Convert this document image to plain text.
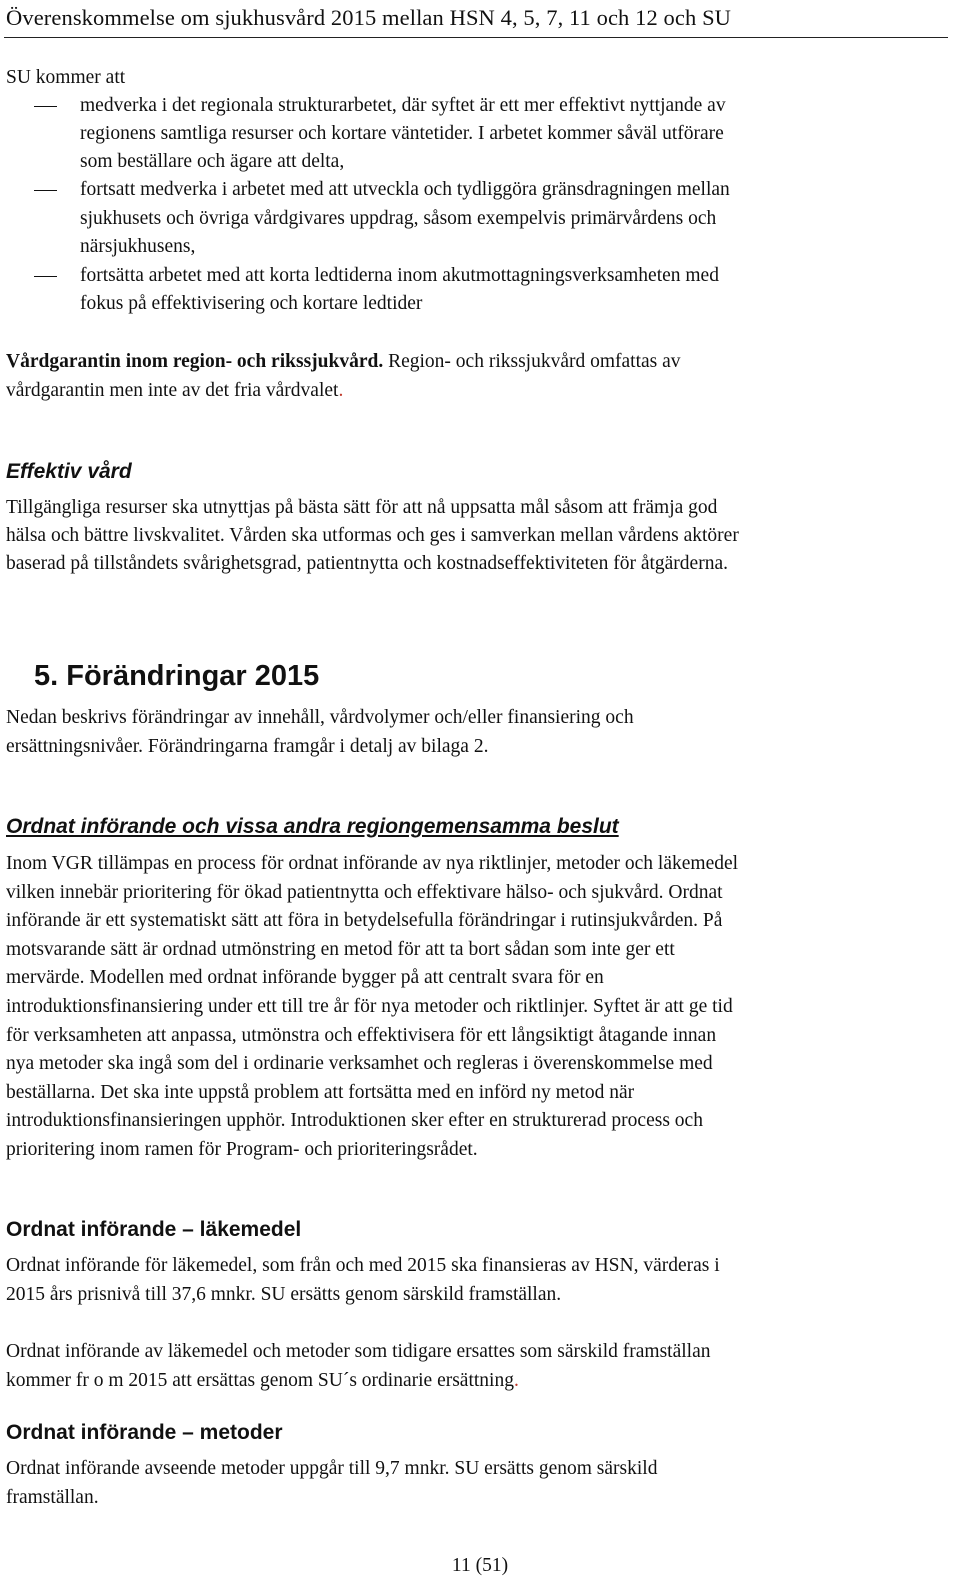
Överenskommelse om sjukhusvård 2015 mellan HSN 4, 5, 7, 11 och 12 och SU

SU kommer att

medverka i det regionala strukturarbetet, där syftet är ett mer effektivt nyttjande av

regionens samtliga resurser och kortare väntetider. I arbetet kommer såväl utförare

som beställare och ägare att delta,

fortsatt medverka i arbetet med att utveckla och tydliggöra gränsdragningen mellan

sjukhusets och övriga vårdgivares uppdrag, såsom exempelvis primärvårdens och

närsjukhusens,

fortsätta arbetet med att korta ledtiderna inom akutmottagningsverksamheten med

fokus på effektivisering och kortare ledtider

Vårdgarantin inom region- och rikssjukvård. Region- och rikssjukvård omfattas av

vårdgarantin men inte av det fria vårdvalet.

Effektiv vård

Tillgängliga resurser ska utnyttjas på bästa sätt för att nå uppsatta mål såsom att främja god

hälsa och bättre livskvalitet. Vården ska utformas och ges i samverkan mellan vårdens aktörer

baserad på tillståndets svårighetsgrad, patientnytta och kostnadseffektiviteten för åtgärderna.

5. Förändringar 2015

Nedan beskrivs förändringar av innehåll, vårdvolymer och/eller finansiering och

ersättningsnivåer. Förändringarna framgår i detalj av bilaga 2.

Ordnat införande och vissa andra regiongemensamma beslut

Inom VGR tillämpas en process för ordnat införande av nya riktlinjer, metoder och läkemedel

vilken innebär prioritering för ökad patientnytta och effektivare hälso- och sjukvård. Ordnat

införande är ett systematiskt sätt att föra in betydelsefulla förändringar i rutinsjukvården. På

motsvarande sätt är ordnad utmönstring en metod för att ta bort sådan som inte ger ett

mervärde. Modellen med ordnat införande bygger på att centralt svara för en

introduktionsfinansiering under ett till tre år för nya metoder och riktlinjer. Syftet är att ge tid

för verksamheten att anpassa, utmönstra och effektivisera för ett långsiktigt åtagande innan

nya metoder ska ingå som del i ordinarie verksamhet och regleras i överenskommelse med

beställarna. Det ska inte uppstå problem att fortsätta med en införd ny metod när

introduktionsfinansieringen upphör. Introduktionen sker efter en strukturerad process och

prioritering inom ramen för Program- och prioriteringsrådet.

Ordnat införande – läkemedel

Ordnat införande för läkemedel, som från och med 2015 ska finansieras av HSN, värderas i

2015 års prisnivå till 37,6 mnkr. SU ersätts genom särskild framställan.

Ordnat införande av läkemedel och metoder som tidigare ersattes som särskild framställan

kommer fr o m 2015 att ersättas genom SU´s ordinarie ersättning.

Ordnat införande – metoder

Ordnat införande avseende metoder uppgår till 9,7 mnkr. SU ersätts genom särskild

framställan.

11 (51)
